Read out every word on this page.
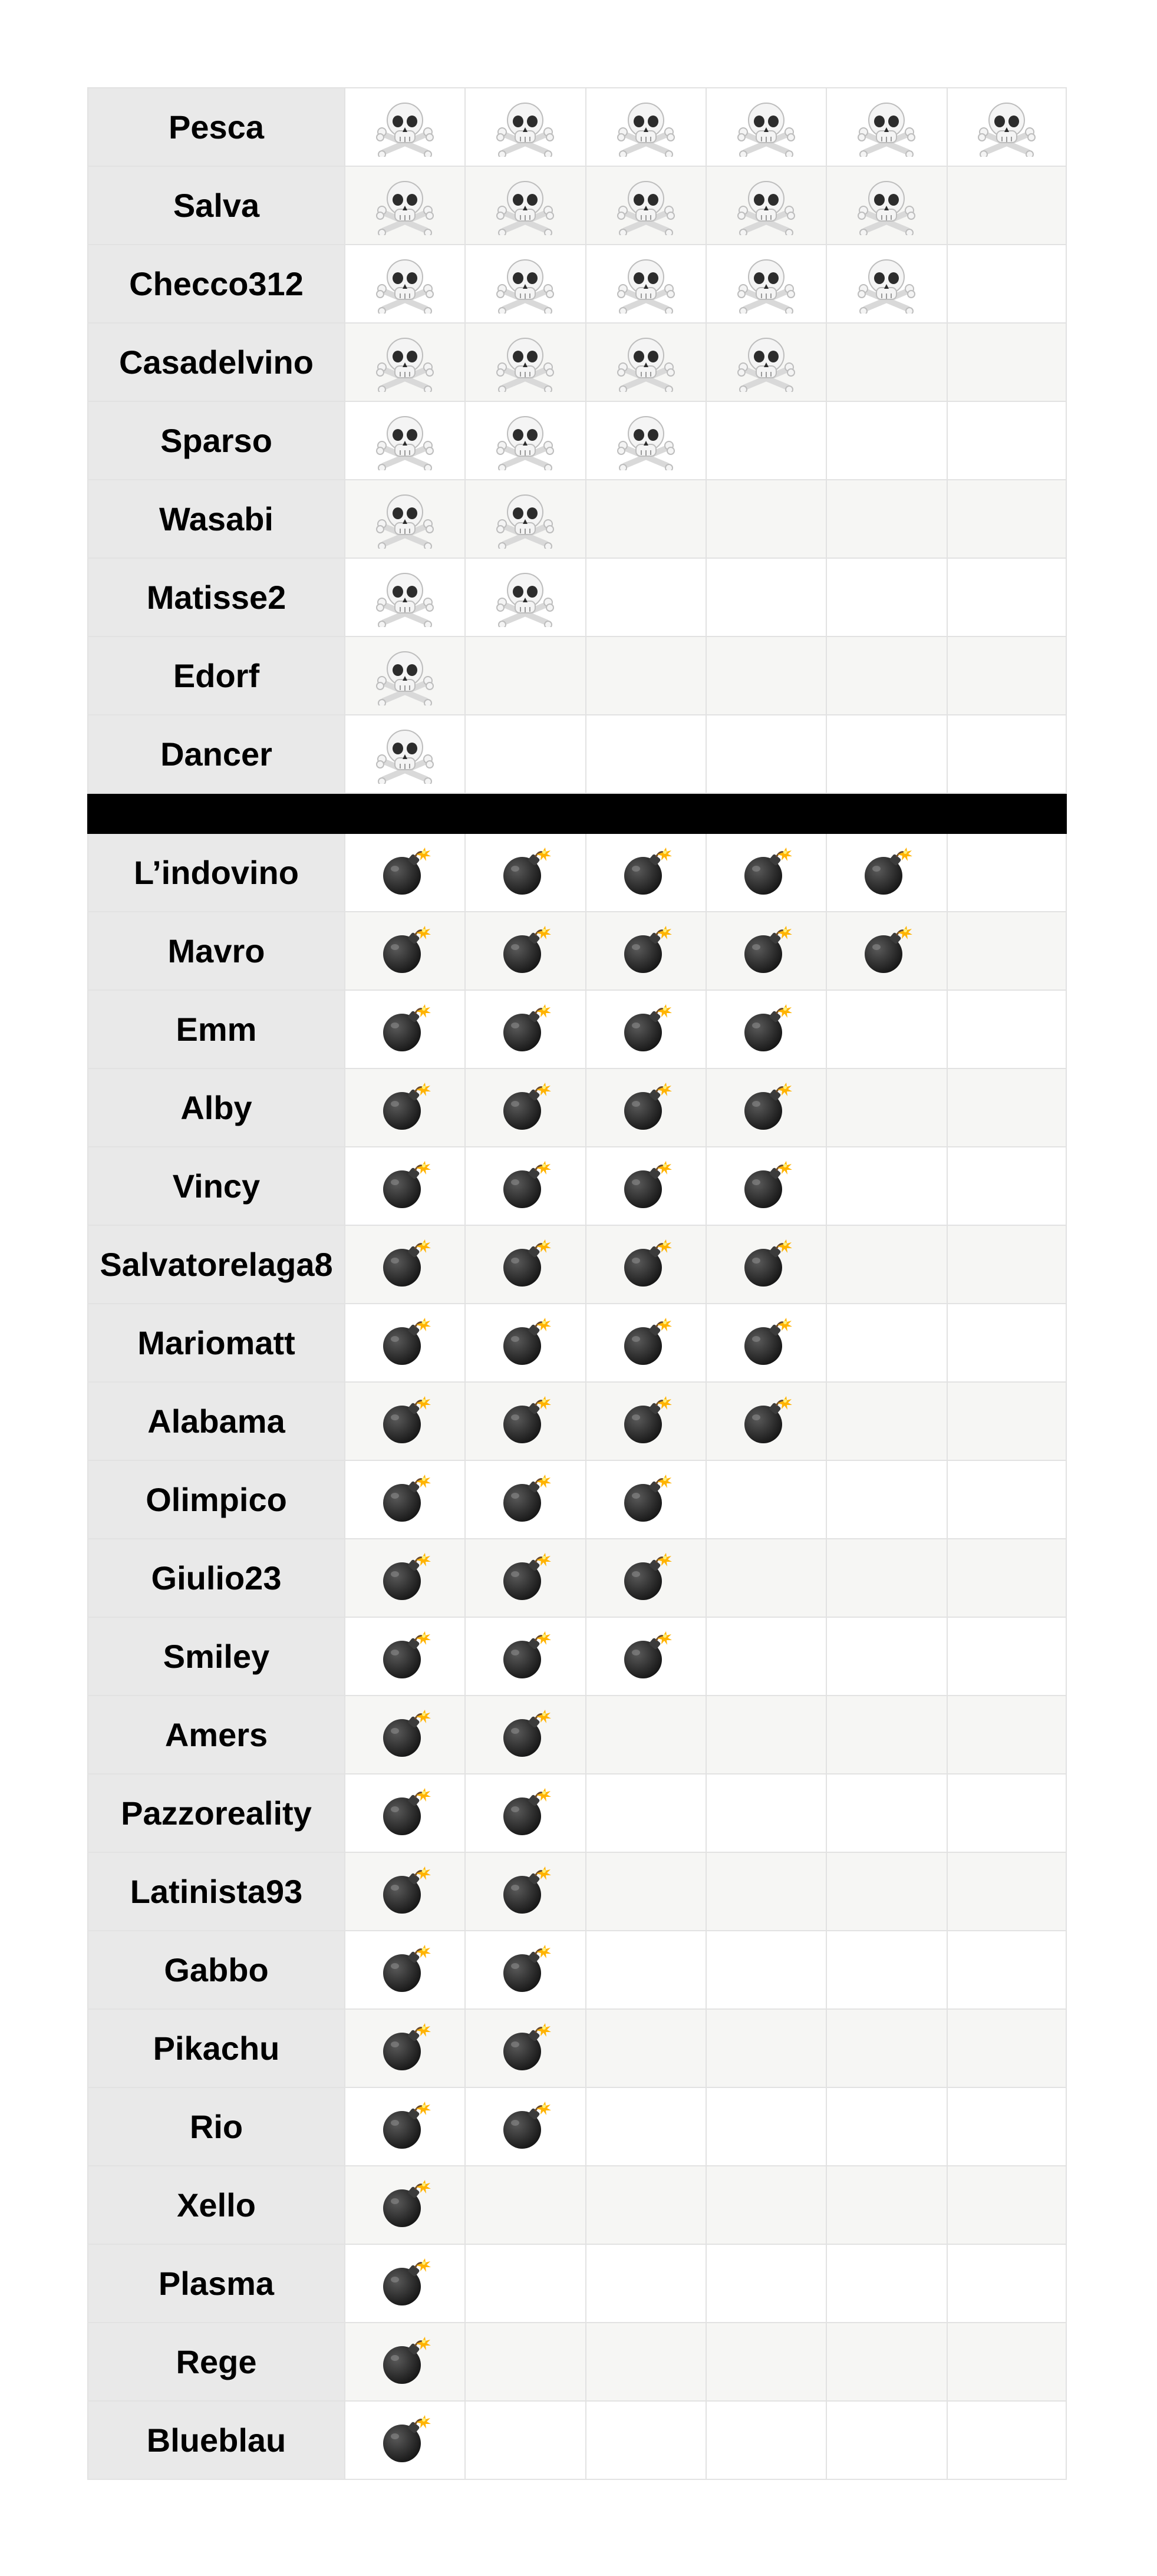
Pesca
Salva
Checco312
Casadelvino
Sparso
Wasabi
Matisse2
Edorf
Dancer
L’indovino
Mavro
Emm
Alby
Vincy
Salvatorelaga8
Mariomatt
Alabama
Olimpico
Giulio23
Smiley
Amers
Pazzoreality
Latinista93
Gabbo
Pikachu
Rio
Xello
Plasma
Rege
Blueblau
